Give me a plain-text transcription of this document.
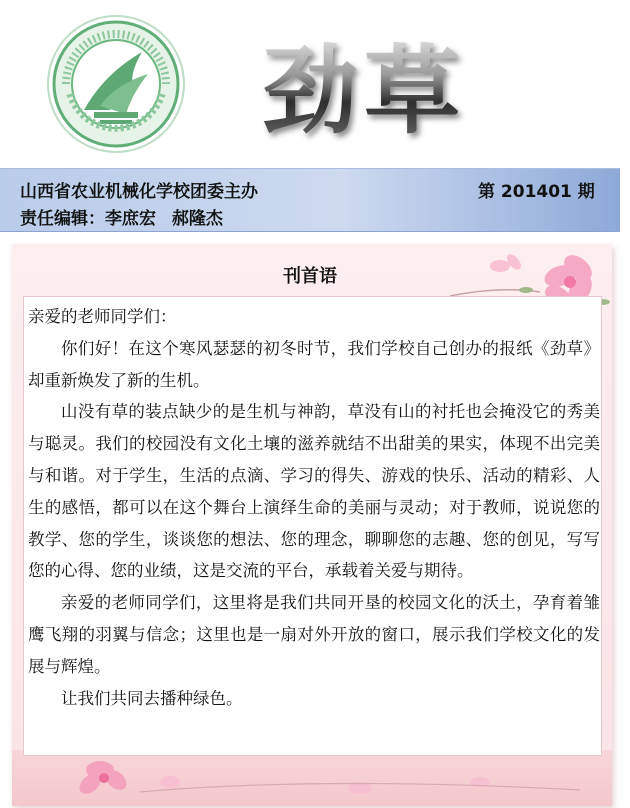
劲草
山西省农业机械化学校团委主办	第 201401 期
责任编辑：李庶宏 郝隆杰
刊首语

亲爱的老师同学们：

你们好！在这个寒风瑟瑟的初冬时节，我们学校自己创办的报纸《劲草》却重新焕发了新的生机。

山没有草的装点缺少的是生机与神韵，草没有山的衬托也会掩没它的秀美与聪灵。我们的校园没有文化土壤的滋养就结不出甜美的果实，体现不出完美与和谐。对于学生，生活的点滴、学习的得失、游戏的快乐、活动的精彩、人生的感悟，都可以在这个舞台上演绎生命的美丽与灵动；对于教师，说说您的教学、您的学生，谈谈您的想法、您的理念，聊聊您的志趣、您的创见，写写您的心得、您的业绩，这是交流的平台，承载着关爱与期待。

亲爱的老师同学们，这里将是我们共同开垦的校园文化的沃土，孕育着雏鹰飞翔的羽翼与信念；这里也是一扇对外开放的窗口，展示我们学校文化的发展与辉煌。

让我们共同去播种绿色。
